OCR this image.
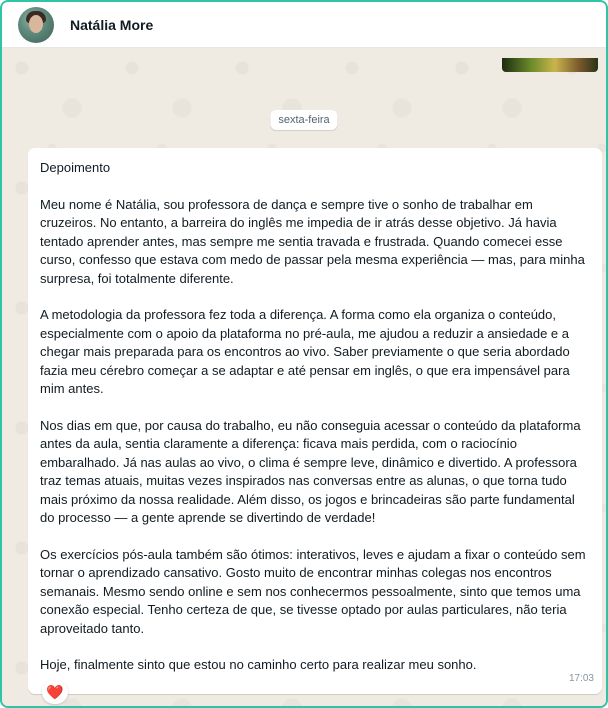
Natália More
sexta-feira

Depoimento

Meu nome é Natália, sou professora de dança e sempre tive o sonho de trabalhar em cruzeiros. No entanto, a barreira do inglês me impedia de ir atrás desse objetivo. Já havia tentado aprender antes, mas sempre me sentia travada e frustrada. Quando comecei esse curso, confesso que estava com medo de passar pela mesma experiência — mas, para minha surpresa, foi totalmente diferente.

A metodologia da professora fez toda a diferença. A forma como ela organiza o conteúdo, especialmente com o apoio da plataforma no pré-aula, me ajudou a reduzir a ansiedade e a chegar mais preparada para os encontros ao vivo. Saber previamente o que seria abordado fazia meu cérebro começar a se adaptar e até pensar em inglês, o que era impensável para mim antes.

Nos dias em que, por causa do trabalho, eu não conseguia acessar o conteúdo da plataforma antes da aula, sentia claramente a diferença: ficava mais perdida, com o raciocínio embaralhado. Já nas aulas ao vivo, o clima é sempre leve, dinâmico e divertido. A professora traz temas atuais, muitas vezes inspirados nas conversas entre as alunas, o que torna tudo mais próximo da nossa realidade. Além disso, os jogos e brincadeiras são parte fundamental do processo — a gente aprende se divertindo de verdade!

Os exercícios pós-aula também são ótimos: interativos, leves e ajudam a fixar o conteúdo sem tornar o aprendizado cansativo. Gosto muito de encontrar minhas colegas nos encontros semanais. Mesmo sendo online e sem nos conhecermos pessoalmente, sinto que temos uma conexão especial. Tenho certeza de que, se tivesse optado por aulas particulares, não teria aproveitado tanto.

Hoje, finalmente sinto que estou no caminho certo para realizar meu sonho.

17:03
❤️
